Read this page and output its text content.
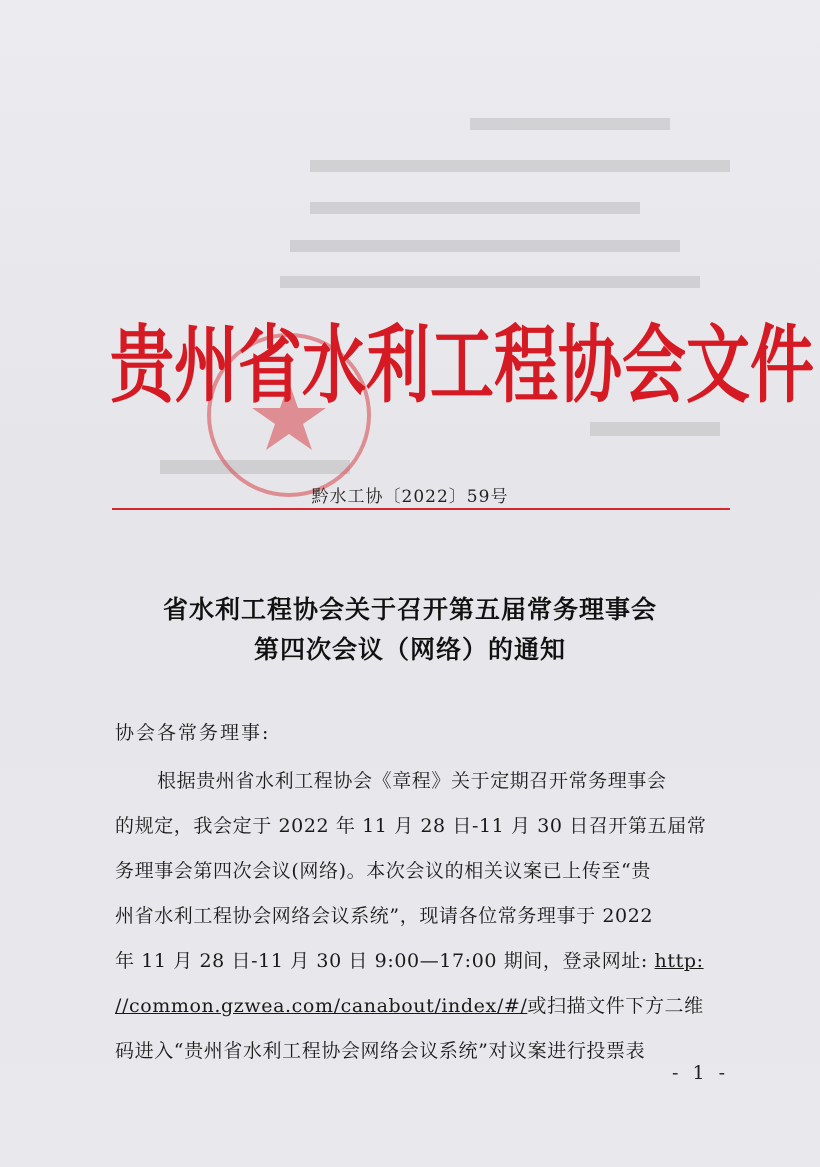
贵州省水利工程协会文件
黔水工协〔2022〕59号
省水利工程协会关于召开第五届常务理事会
第四次会议（网络）的通知
协会各常务理事:
根据贵州省水利工程协会《章程》关于定期召开常务理事会
的规定，我会定于 2022 年 11 月 28 日-11 月 30 日召开第五届常
务理事会第四次会议(网络)。本次会议的相关议案已上传至“贵
州省水利工程协会网络会议系统”，现请各位常务理事于 2022
年 11 月 28 日-11 月 30 日 9:00—17:00 期间，登录网址: http:
//common.gzwea.com/canabout/index/#/或扫描文件下方二维
码进入“贵州省水利工程协会网络会议系统”对议案进行投票表
- 1 -
